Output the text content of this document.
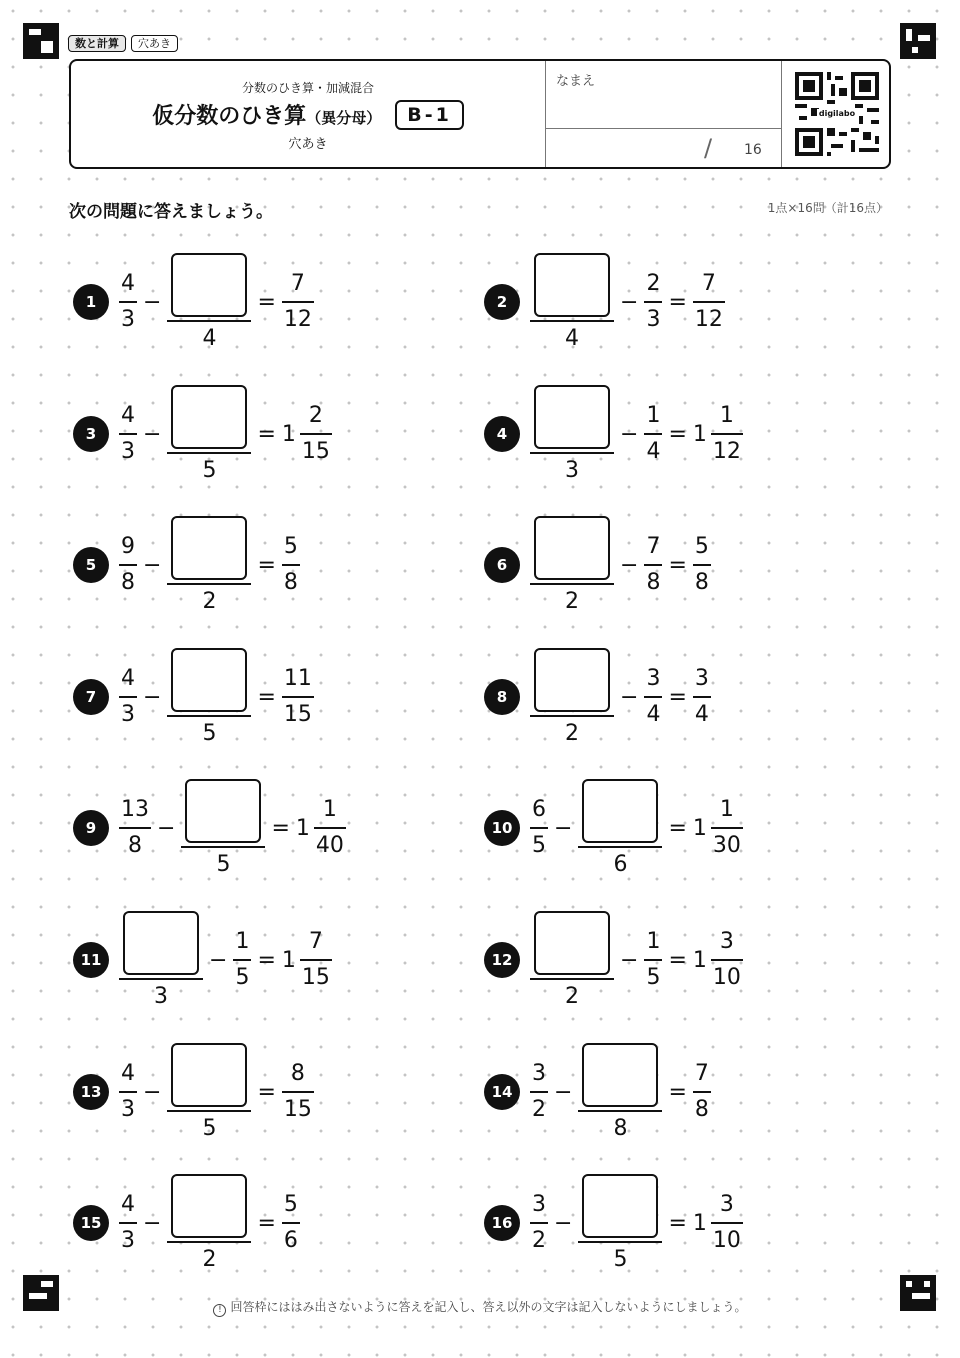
数と計算	穴あき
分数のひき算・加減混合
仮分数のひき算（異分母）	B-1
穴あき
なまえ
/ 16
digilabo
次の問題に答えましょう。	1点×16問（計16点）
1	$\frac{4}{3}$ −
4
= $\frac{7}{12}$	2
4
− $\frac{2}{3} = \frac{7}{12}$
3	$\frac{4}{3}$ −
5
= $1 \frac{2}{15}$	4
3
− $\frac{1}{4} = 1 \frac{1}{12}$
5	$\frac{9}{8}$ −
2
= $\frac{5}{8}$	6
2
− $\frac{7}{8} = \frac{5}{8}$
7	$\frac{4}{3}$ −
5
= $\frac{11}{15}$	8
2
− $\frac{3}{4} = \frac{3}{4}$
9	$\frac{13}{8}$ −
5
= $1 \frac{1}{40}$	$10 \frac{6}{5}$ −
6
= $1 \frac{1}{30}$
11
3
− $\frac{1}{5} = 1 \frac{7}{15}$	12
2
− $\frac{1}{5} = 1 \frac{3}{10}$
$13 \frac{4}{3}$ −
5
= $\frac{8}{15}$	$14 \frac{3}{2}$ −
8
= $\frac{7}{8}$
$15 \frac{4}{3}$ −
2
= $\frac{5}{6}$	$16 \frac{3}{2}$ −
5
= $1 \frac{3}{10}$
! 回答枠にははみ出さないように答えを記入し、答え以外の文字は記入しないようにしましょう。
